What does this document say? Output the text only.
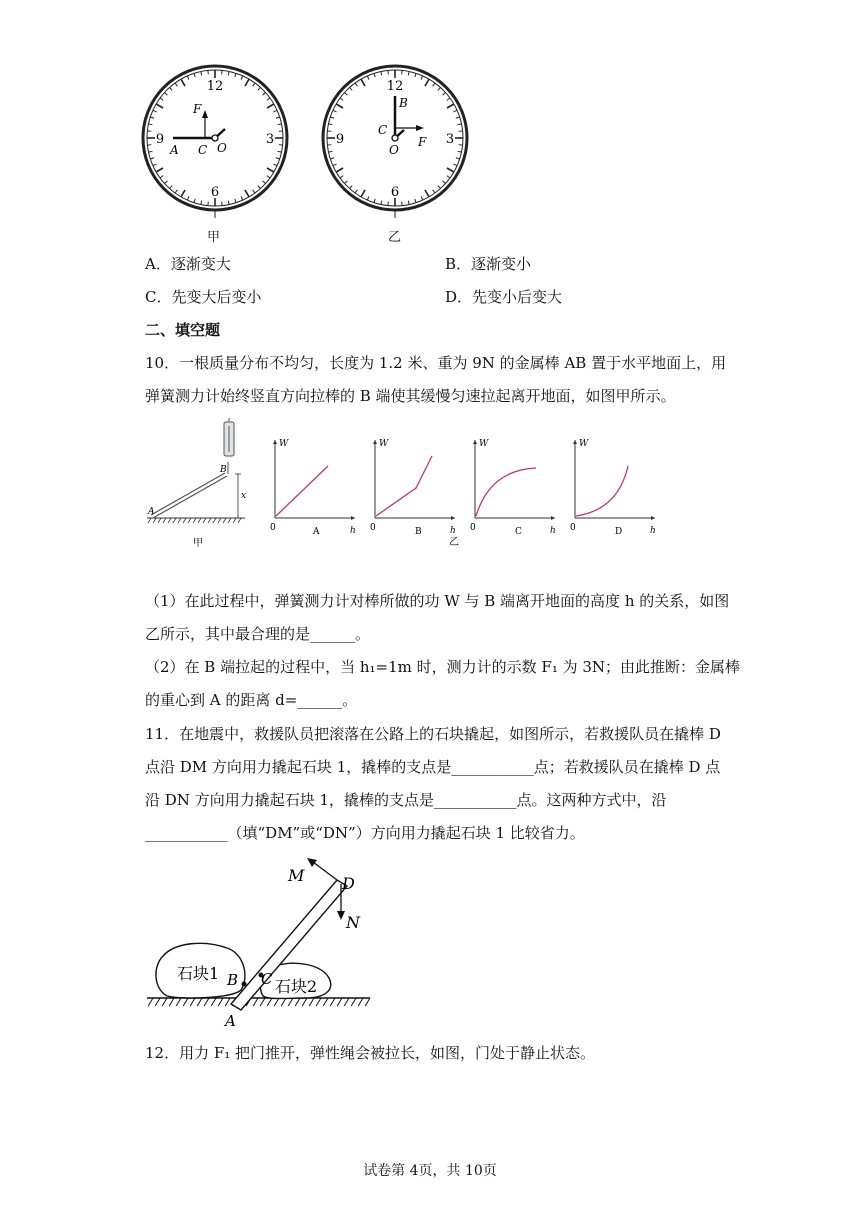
12
3
6
9
F
A C O
甲
12
3
6
9
B
C
O
F
乙
A．逐渐变大	B．逐渐变小
C．先变大后变小	D．先变小后变大
二、填空题
10．一根质量分布不均匀，长度为 1.2 米、重为 9N 的金属棒 AB 置于水平地面上，用
弹簧测力计始终竖直方向拉棒的 B 端使其缓慢匀速拉起离开地面，如图甲所示。
B
A
x
甲
W
0	A	h
W
0	B	h
乙
W
0	C	h
W
0	D	h
（1）在此过程中，弹簧测力计对棒所做的功 W 与 B 端离开地面的高度 h 的关系，如图
乙所示，其中最合理的是______。
（2）在 B 端拉起的过程中，当 h₁=1m 时，测力计的示数 F₁ 为 3N；由此推断：金属棒
的重心到 A 的距离 d=______。
11．在地震中，救援队员把滚落在公路上的石块撬起，如图所示，若救援队员在撬棒 D
点沿 DM 方向用力撬起石块 1，撬棒的支点是___________点；若救援队员在撬棒 D 点
沿 DN 方向用力撬起石块 1，撬棒的支点是___________点。这两种方式中，沿
___________（填“DM”或“DN”）方向用力撬起石块 1 比较省力。
M D
N
石块1
石块2
B C
A
12．用力 F₁ 把门推开，弹性绳会被拉长，如图，门处于静止状态。
试卷第 4页，共 10页
